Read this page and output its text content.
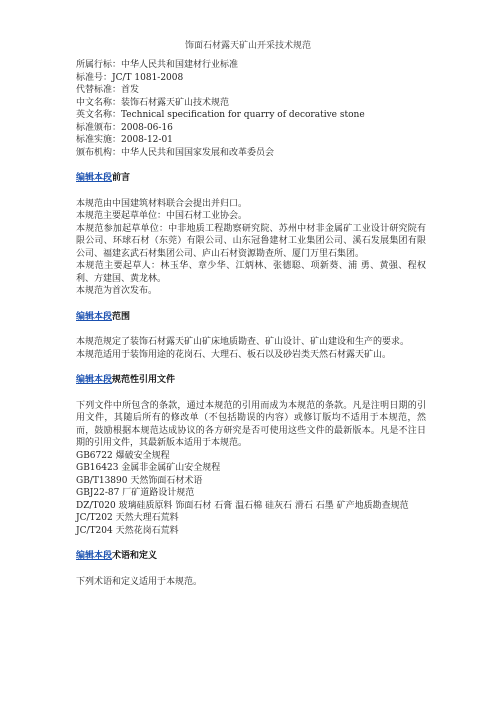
饰面石材露天矿山开采技术规范
所属行标：中华人民共和国建材行业标准
标准号：JC/T 1081-2008
代替标准：首发
中文名称：装饰石材露天矿山技术规范
英文名称：Technical specification for quarry of decorative stone
标准颁布：2008-06-16
标准实施：2008-12-01
颁布机构：中华人民共和国国家发展和改革委员会
编辑本段前言
本规范由中国建筑材料联合会提出并归口。
本规范主要起草单位：中国石材工业协会。
本规范参加起草单位：中非地质工程勘察研究院、苏州中材非金属矿工业设计研究院有限公司、环球石材（东莞）有限公司、山东冠鲁建材工业集团公司、溪石发展集团有限公司、福建玄武石材集团公司、庐山石材资源勘查所、厦门万里石集团。
本规范主要起草人：林玉华、章少华、江炳林、张德聪、项新葵、浦 勇、黄强、程权利、方建国、黄龙林。
本规范为首次发布。
编辑本段范围
本规范规定了装饰石材露天矿山矿床地质勘查、矿山设计、矿山建设和生产的要求。
本规范适用于装饰用途的花岗石、大理石、板石以及砂岩类天然石材露天矿山。
编辑本段规范性引用文件
下列文件中所包含的条款，通过本规范的引用而成为本规范的条款。凡是注明日期的引用文件，其随后所有的修改单（不包括勘误的内容）或修订版均不适用于本规范，然而，鼓励根据本规范达成协议的各方研究是否可使用这些文件的最新版本。凡是不注日期的引用文件，其最新版本适用于本规范。
GB6722 爆破安全规程
GB16423 金属非金属矿山安全规程
GB/T13890 天然饰面石材术语
GBJ22-87 厂矿道路设计规范
DZ/T020 玻璃硅质原料 饰面石材 石膏 温石棉 硅灰石 滑石 石墨 矿产地质勘查规范
JC/T202 天然大理石荒料
JC/T204 天然花岗石荒料
编辑本段术语和定义
下列术语和定义适用于本规范。
